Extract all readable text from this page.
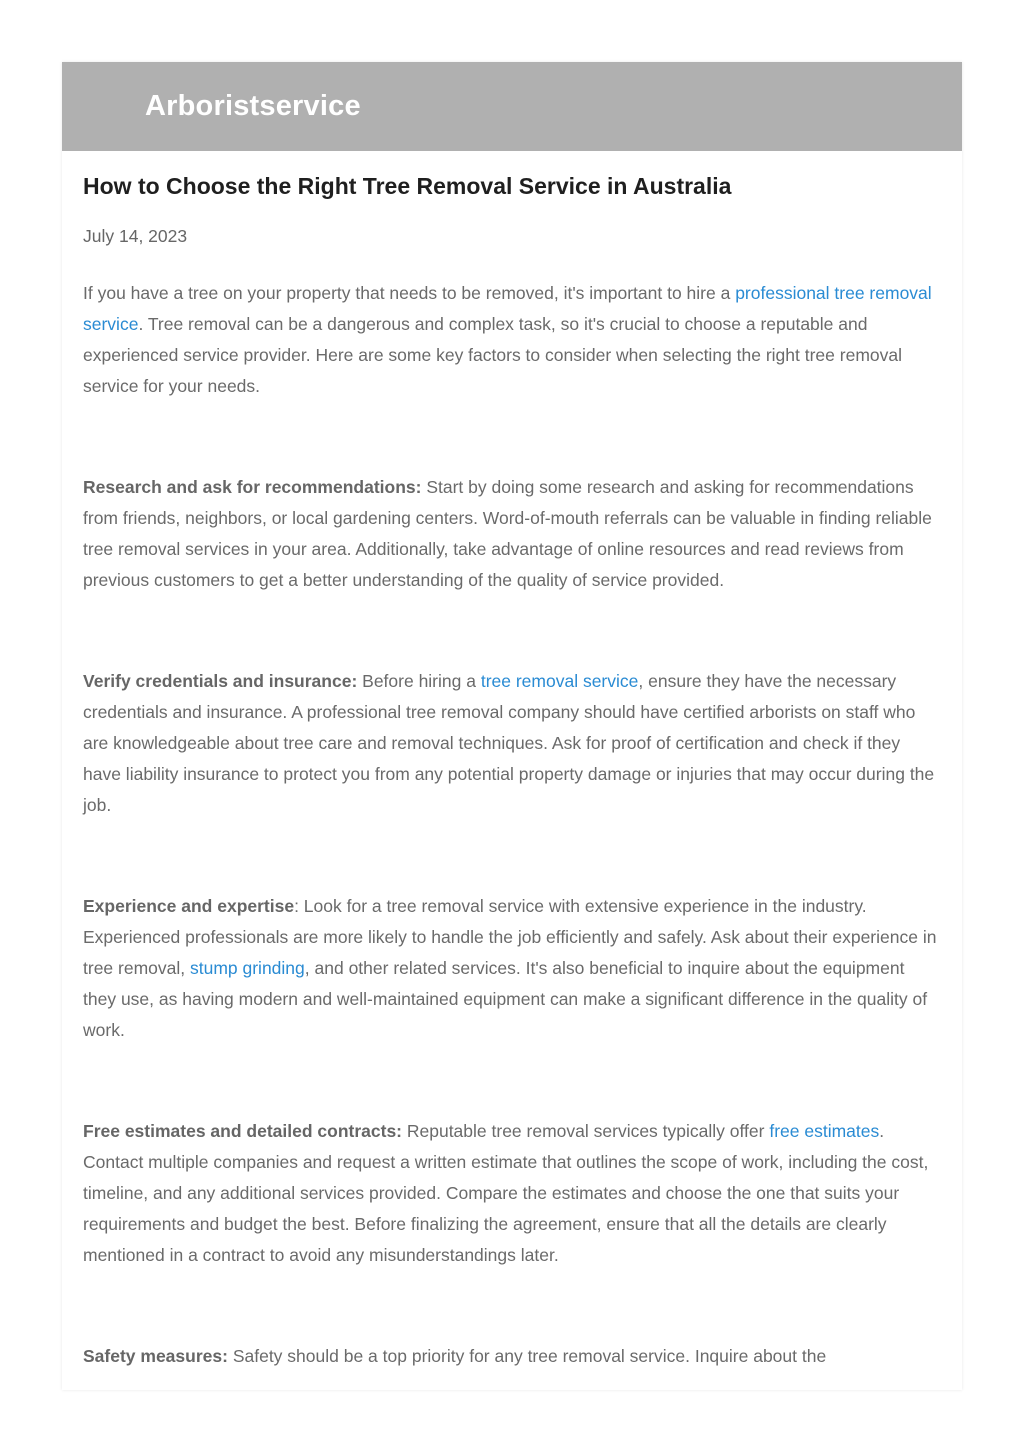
Arboristservice
How to Choose the Right Tree Removal Service in Australia
July 14, 2023

If you have a tree on your property that needs to be removed, it's important to hire a professional tree removal service. Tree removal can be a dangerous and complex task, so it's crucial to choose a reputable and experienced service provider. Here are some key factors to consider when selecting the right tree removal service for your needs.

Research and ask for recommendations: Start by doing some research and asking for recommendations from friends, neighbors, or local gardening centers. Word-of-mouth referrals can be valuable in finding reliable tree removal services in your area. Additionally, take advantage of online resources and read reviews from previous customers to get a better understanding of the quality of service provided.

Verify credentials and insurance: Before hiring a tree removal service, ensure they have the necessary credentials and insurance. A professional tree removal company should have certified arborists on staff who are knowledgeable about tree care and removal techniques. Ask for proof of certification and check if they have liability insurance to protect you from any potential property damage or injuries that may occur during the job.

Experience and expertise: Look for a tree removal service with extensive experience in the industry. Experienced professionals are more likely to handle the job efficiently and safely. Ask about their experience in tree removal, stump grinding, and other related services. It's also beneficial to inquire about the equipment they use, as having modern and well-maintained equipment can make a significant difference in the quality of work.

Free estimates and detailed contracts: Reputable tree removal services typically offer free estimates. Contact multiple companies and request a written estimate that outlines the scope of work, including the cost, timeline, and any additional services provided. Compare the estimates and choose the one that suits your requirements and budget the best. Before finalizing the agreement, ensure that all the details are clearly mentioned in a contract to avoid any misunderstandings later.

Safety measures: Safety should be a top priority for any tree removal service. Inquire about the
